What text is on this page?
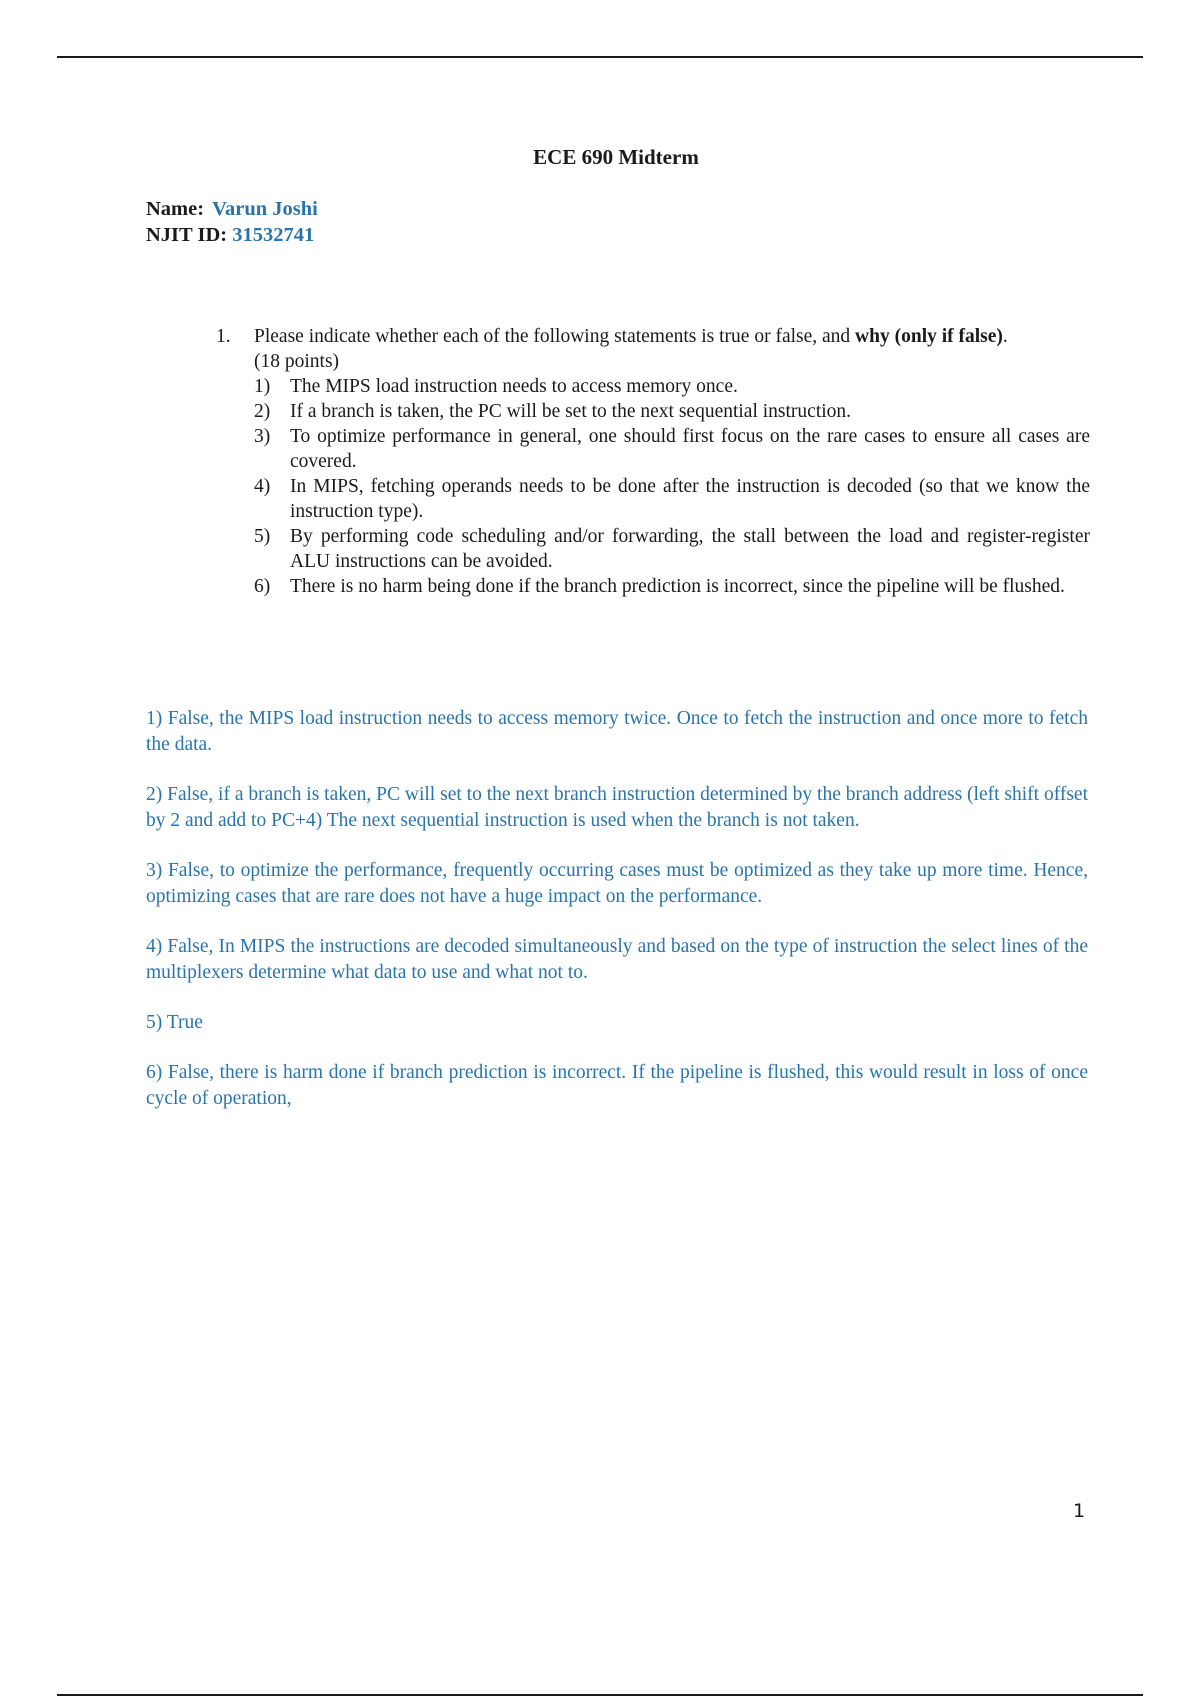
ECE 690 Midterm
Name: Varun Joshi
NJIT ID: 31532741
1. Please indicate whether each of the following statements is true or false, and why (only if false).
(18 points)
1) The MIPS load instruction needs to access memory once.
2) If a branch is taken, the PC will be set to the next sequential instruction.
3) To optimize performance in general, one should first focus on the rare cases to ensure all cases are covered.
4) In MIPS, fetching operands needs to be done after the instruction is decoded (so that we know the instruction type).
5) By performing code scheduling and/or forwarding, the stall between the load and register-register ALU instructions can be avoided.
6) There is no harm being done if the branch prediction is incorrect, since the pipeline will be flushed.

1) False, the MIPS load instruction needs to access memory twice. Once to fetch the instruction and once more to fetch the data.

2) False, if a branch is taken, PC will set to the next branch instruction determined by the branch address (left shift offset by 2 and add to PC+4) The next sequential instruction is used when the branch is not taken.

3) False, to optimize the performance, frequently occurring cases must be optimized as they take up more time. Hence, optimizing cases that are rare does not have a huge impact on the performance.

4) False, In MIPS the instructions are decoded simultaneously and based on the type of instruction the select lines of the multiplexers determine what data to use and what not to.

5) True

6) False, there is harm done if branch prediction is incorrect. If the pipeline is flushed, this would result in loss of once cycle of operation,

1
